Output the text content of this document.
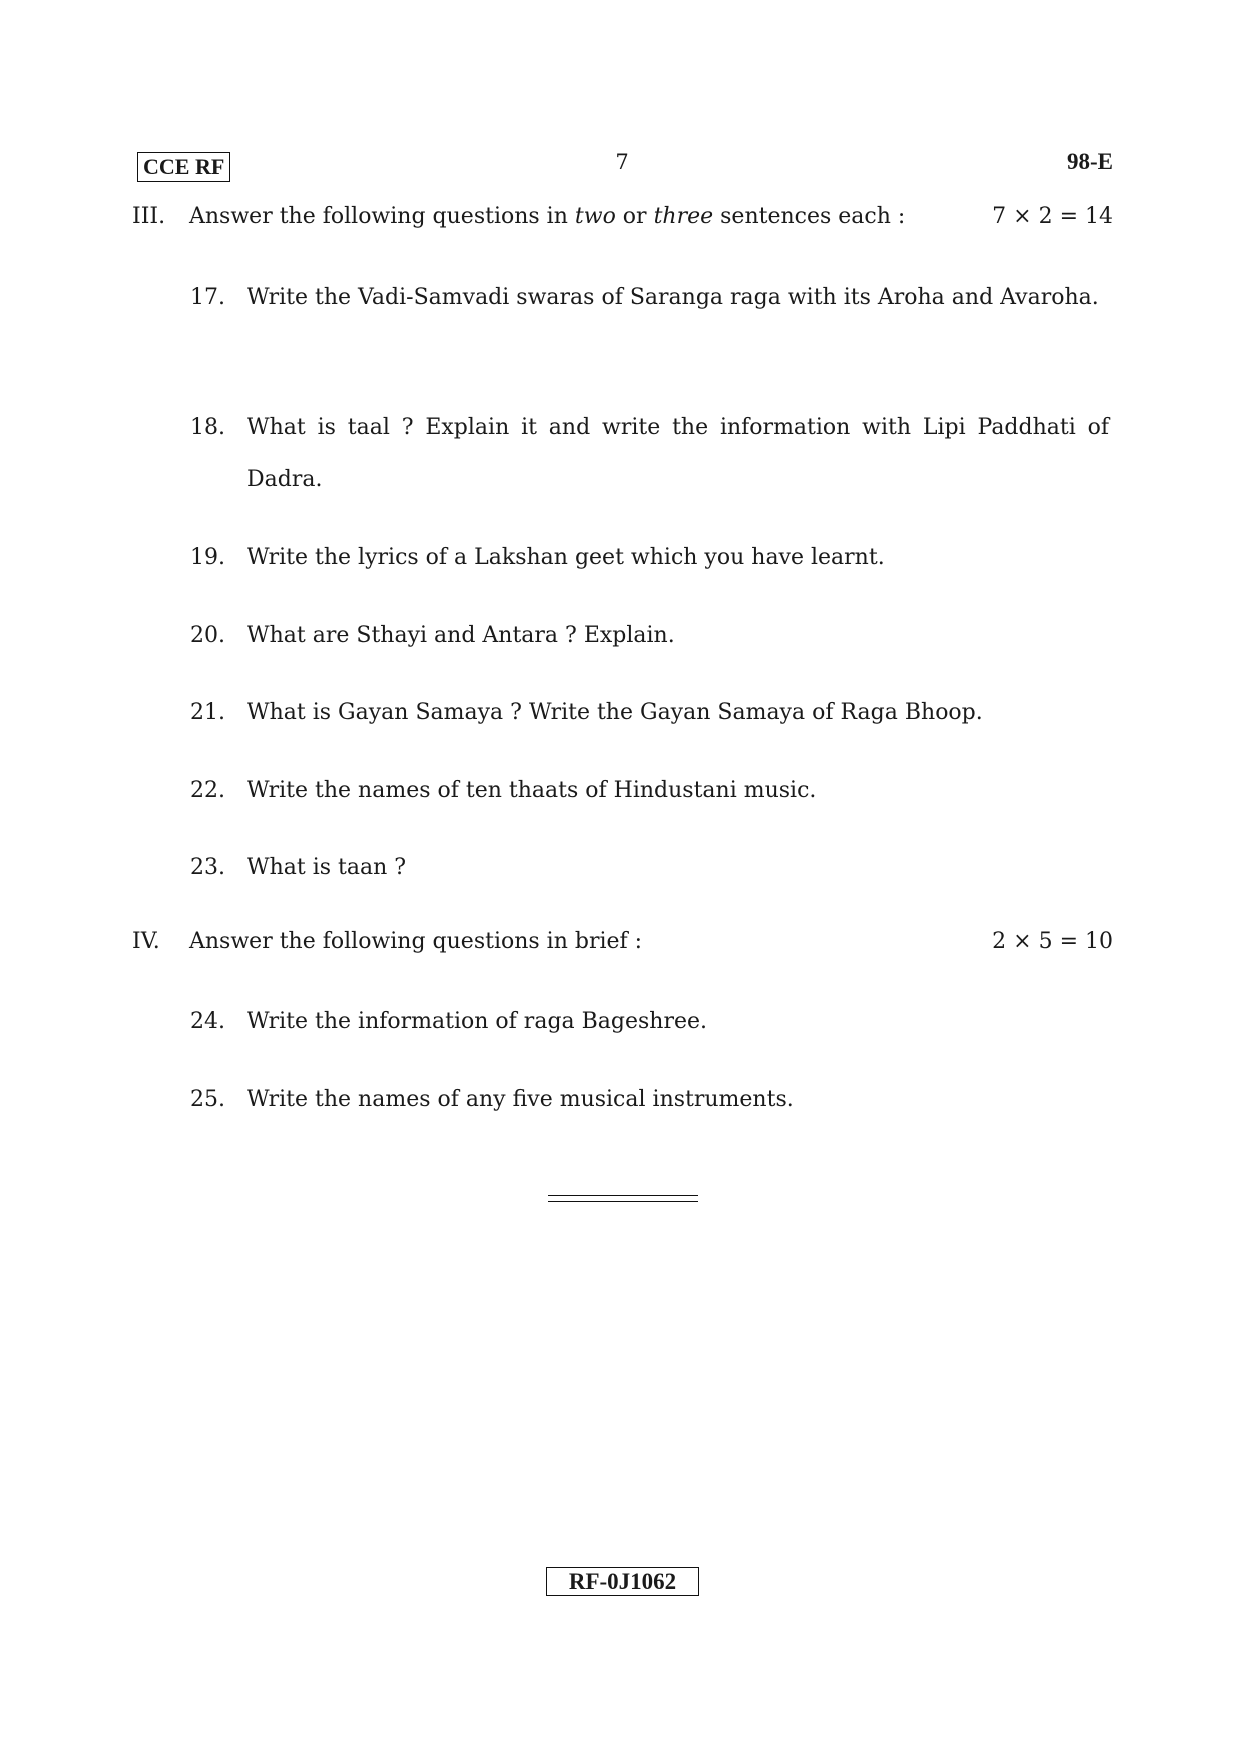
CCE RF	7	98-E
III. Answer the following questions in two or three sentences each :	7 × 2 = 14
17. Write the Vadi-Samvadi swaras of Saranga raga with its Aroha and Avaroha.
18. What is taal ? Explain it and write the information with Lipi Paddhati of Dadra.
19. Write the lyrics of a Lakshan geet which you have learnt.
20. What are Sthayi and Antara ? Explain.
21. What is Gayan Samaya ? Write the Gayan Samaya of Raga Bhoop.
22. Write the names of ten thaats of Hindustani music.
23. What is taan ?
IV. Answer the following questions in brief :	2 × 5 = 10
24. Write the information of raga Bageshree.
25. Write the names of any five musical instruments.
RF-0J1062
